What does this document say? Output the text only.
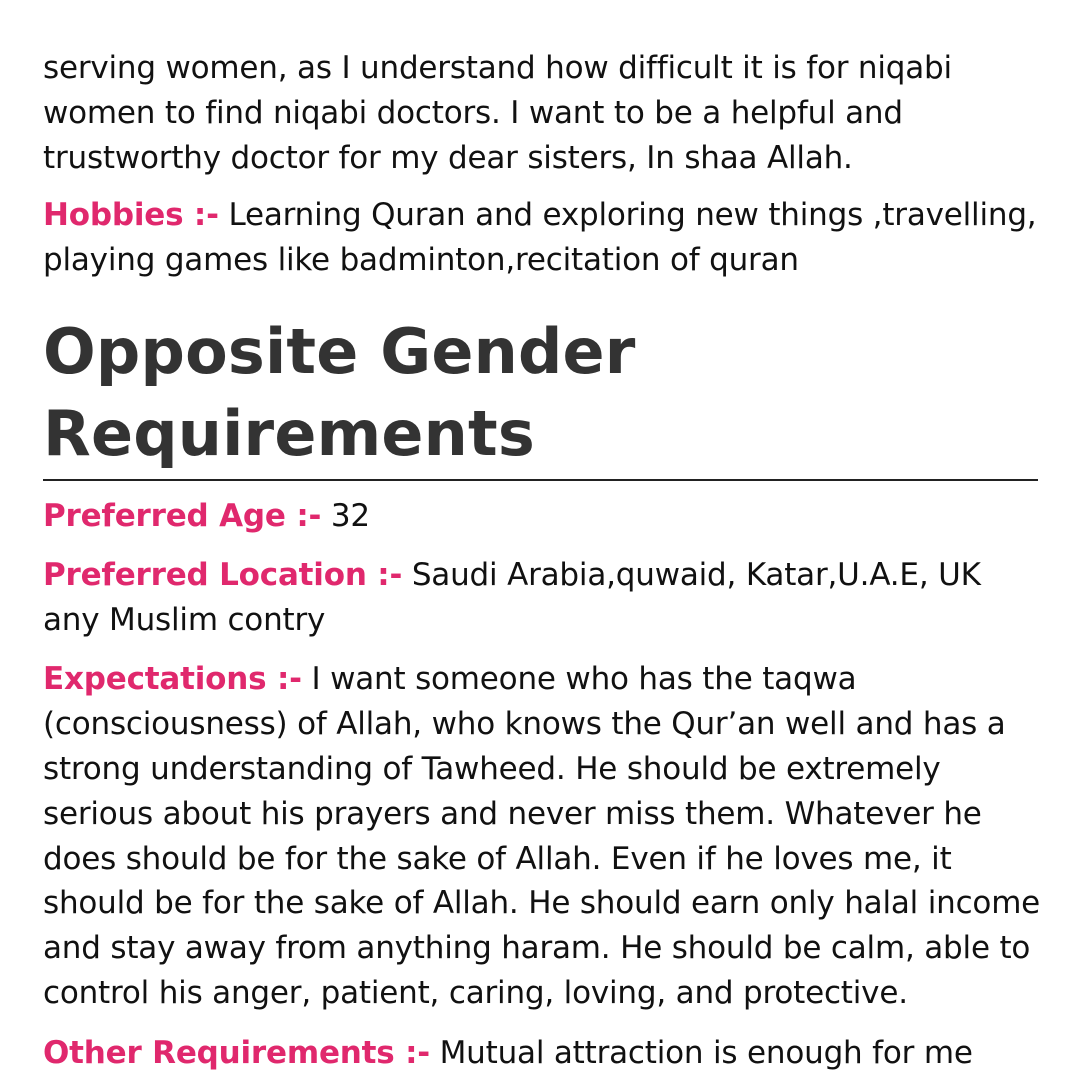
serving women, as I understand how difficult it is for niqabi women to find niqabi doctors. I want to be a helpful and trustworthy doctor for my dear sisters, In shaa Allah.

Hobbies :- Learning Quran and exploring new things ,travelling, playing games like badminton,recitation of quran

Opposite Gender Requirements

Preferred Age :- 32

Preferred Location :- Saudi Arabia,quwaid, Katar,U.A.E, UK any Muslim contry

Expectations :- I want someone who has the taqwa (consciousness) of Allah, who knows the Qur’an well and has a strong understanding of Tawheed. He should be extremely serious about his prayers and never miss them. Whatever he does should be for the sake of Allah. Even if he loves me, it should be for the sake of Allah. He should earn only halal income and stay away from anything haram. He should be calm, able to control his anger, patient, caring, loving, and protective.

Other Requirements :- Mutual attraction is enough for me
